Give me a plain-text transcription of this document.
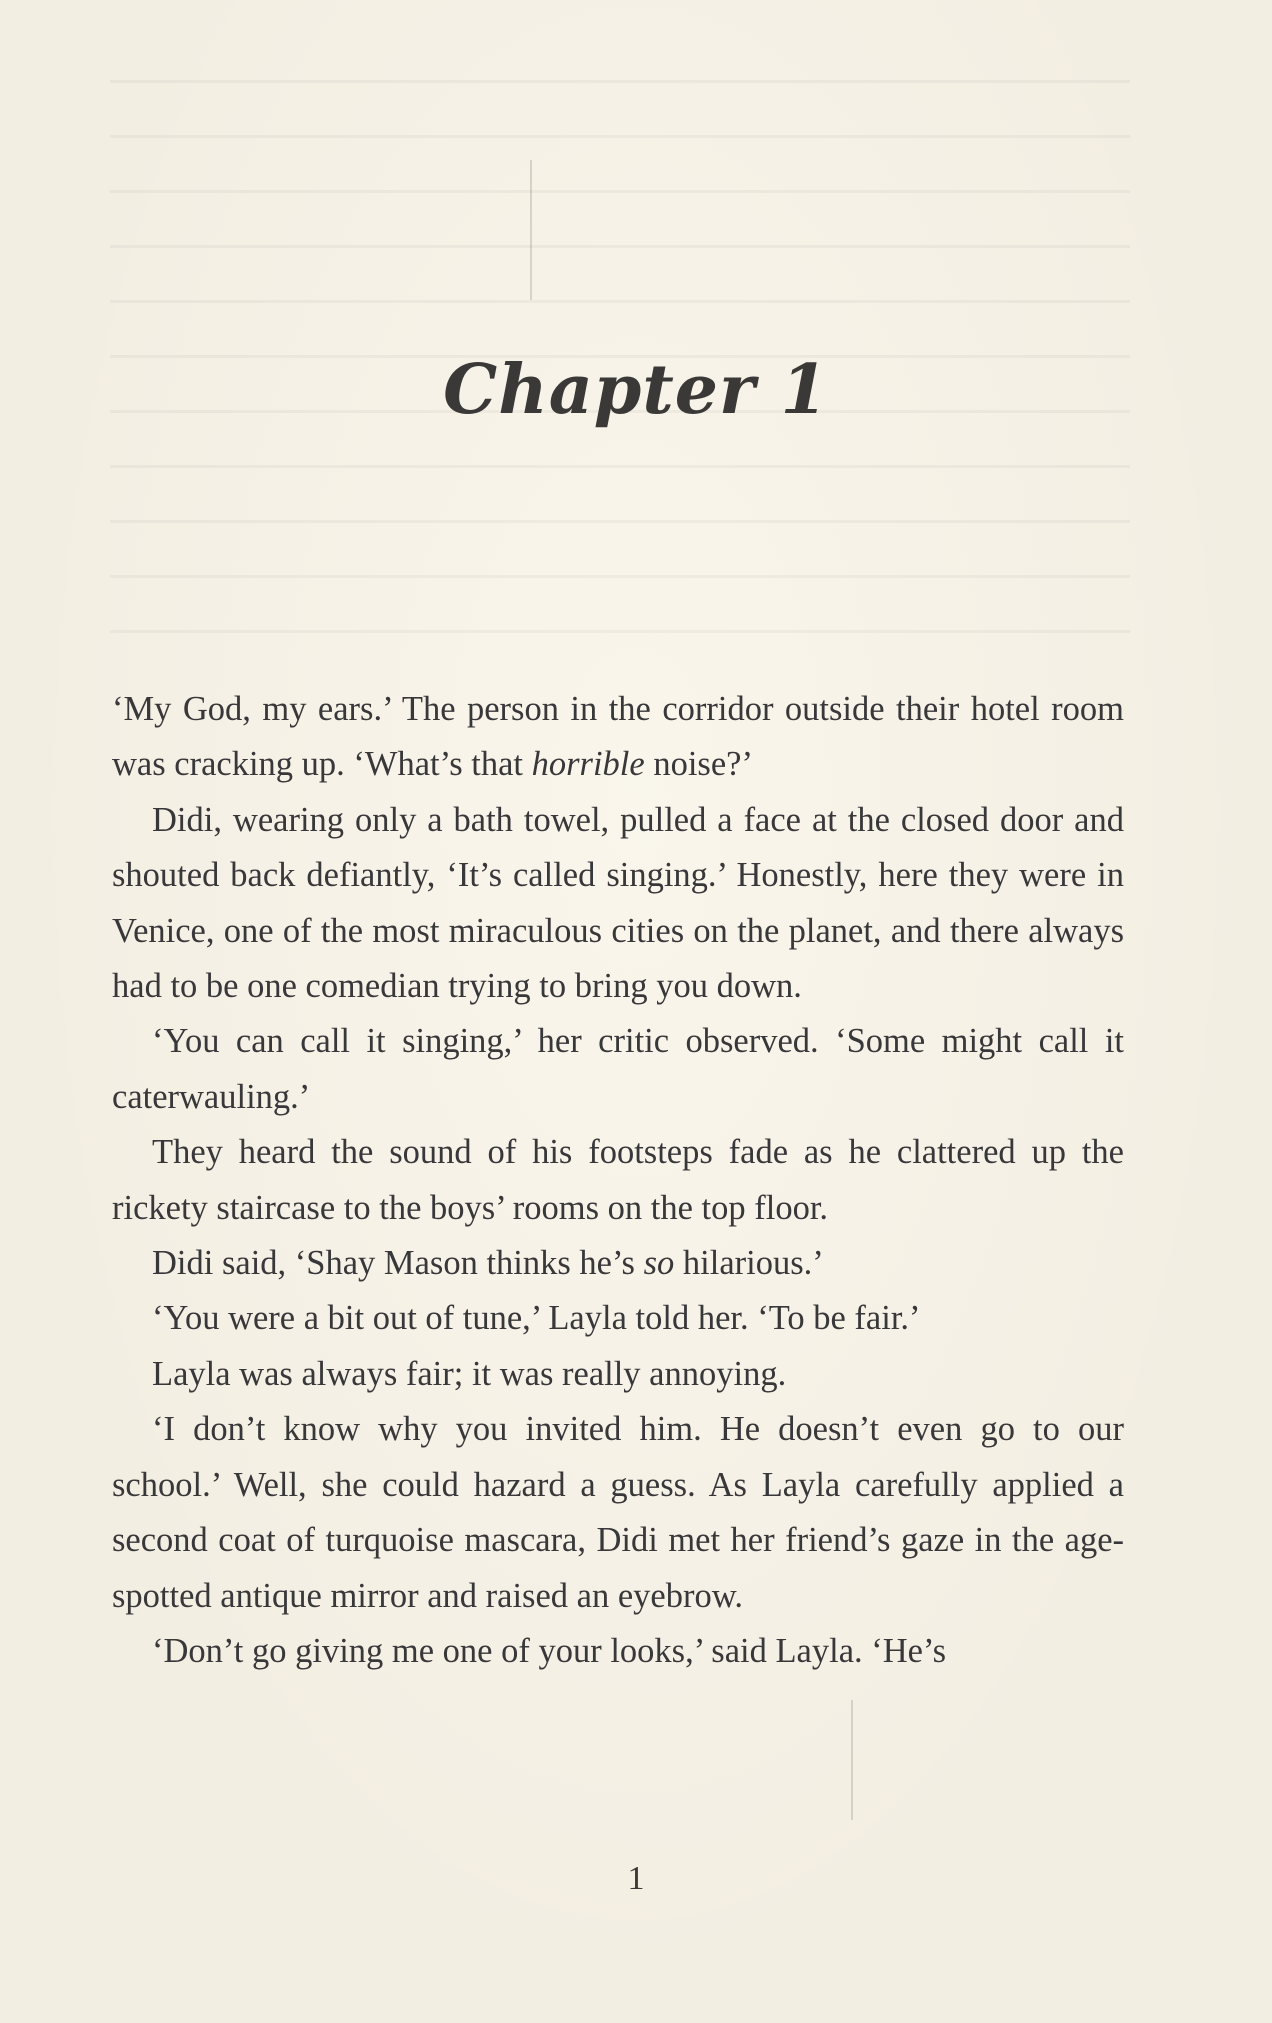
Chapter 1

‘My God, my ears.’ The person in the corridor outside their hotel room was cracking up. ‘What’s that horrible noise?’

Didi, wearing only a bath towel, pulled a face at the closed door and shouted back defiantly, ‘It’s called singing.’ Honestly, here they were in Venice, one of the most miraculous cities on the planet, and there always had to be one comedian trying to bring you down.

‘You can call it singing,’ her critic observed. ‘Some might call it caterwauling.’

They heard the sound of his footsteps fade as he clattered up the rickety staircase to the boys’ rooms on the top floor.

Didi said, ‘Shay Mason thinks he’s so hilarious.’

‘You were a bit out of tune,’ Layla told her. ‘To be fair.’

Layla was always fair; it was really annoying.

‘I don’t know why you invited him. He doesn’t even go to our school.’ Well, she could hazard a guess. As Layla carefully applied a second coat of turquoise mascara, Didi met her friend’s gaze in the age-spotted antique mirror and raised an eyebrow.

‘Don’t go giving me one of your looks,’ said Layla. ‘He’s

1
